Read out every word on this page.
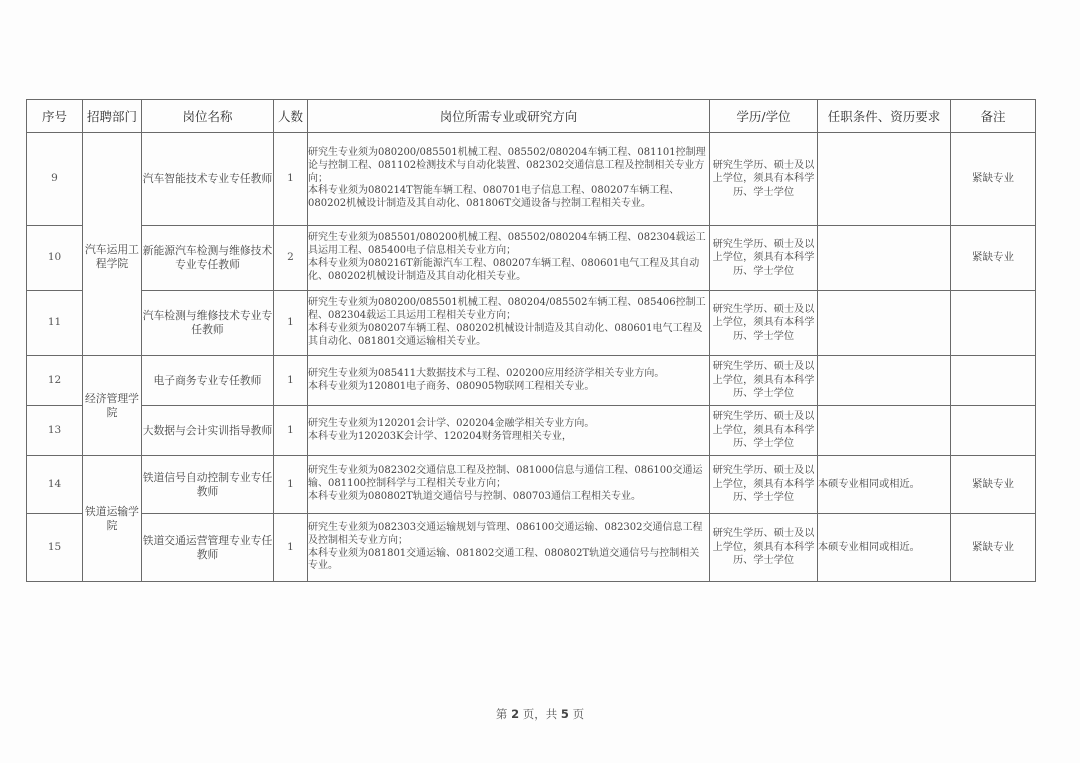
序号	招聘部门	岗位名称	人数	岗位所需专业或研究方向	学历/学位	任职条件、资历要求	备注
9	汽车运用工程学院	汽车智能技术专业专任教师	1	研究生专业须为080200/085501机械工程、085502/080204车辆工程、081101控制理论与控制工程、081102检测技术与自动化装置、082302交通信息工程及控制相关专业方向；
本科专业须为080214T智能车辆工程、080701电子信息工程、080207车辆工程、080202机械设计制造及其自动化、081806T交通设备与控制工程相关专业。	研究生学历、硕士及以上学位，须具有本科学历、学士学位		紧缺专业
10		新能源汽车检测与维修技术专业专任教师	2	研究生专业须为085501/080200机械工程、085502/080204车辆工程、082304载运工具运用工程、085400电子信息相关专业方向；
本科专业须为080216T新能源汽车工程、080207车辆工程、080601电气工程及其自动化、080202机械设计制造及其自动化相关专业。	研究生学历、硕士及以上学位，须具有本科学历、学士学位		紧缺专业
11		汽车检测与维修技术专业专任教师	1	研究生专业须为080200/085501机械工程、080204/085502车辆工程、085406控制工程、082304载运工具运用工程相关专业方向；
本科专业须为080207车辆工程、080202机械设计制造及其自动化、080601电气工程及其自动化、081801交通运输相关专业。	研究生学历、硕士及以上学位，须具有本科学历、学士学位		
12	经济管理学院	电子商务专业专任教师	1	研究生专业须为085411大数据技术与工程、020200应用经济学相关专业方向。
本科专业须为120801电子商务、080905物联网工程相关专业。	研究生学历、硕士及以上学位，须具有本科学历、学士学位		
13		大数据与会计实训指导教师	1	研究生专业须为120201会计学、020204金融学相关专业方向。
本科专业为120203K会计学、120204财务管理相关专业，	研究生学历、硕士及以上学位，须具有本科学历、学士学位		
14	铁道运输学院	铁道信号自动控制专业专任教师	1	研究生专业须为082302交通信息工程及控制、081000信息与通信工程、086100交通运输、081100控制科学与工程相关专业方向；
本科专业须为080802T轨道交通信号与控制、080703通信工程相关专业。	研究生学历、硕士及以上学位，须具有本科学历、学士学位	本硕专业相同或相近。	紧缺专业
15		铁道交通运营管理专业专任教师	1	研究生专业须为082303交通运输规划与管理、086100交通运输、082302交通信息工程及控制相关专业方向；
本科专业须为081801交通运输、081802交通工程、080802T轨道交通信号与控制相关专业。	研究生学历、硕士及以上学位，须具有本科学历、学士学位	本硕专业相同或相近。	紧缺专业
第 2 页，共 5 页
